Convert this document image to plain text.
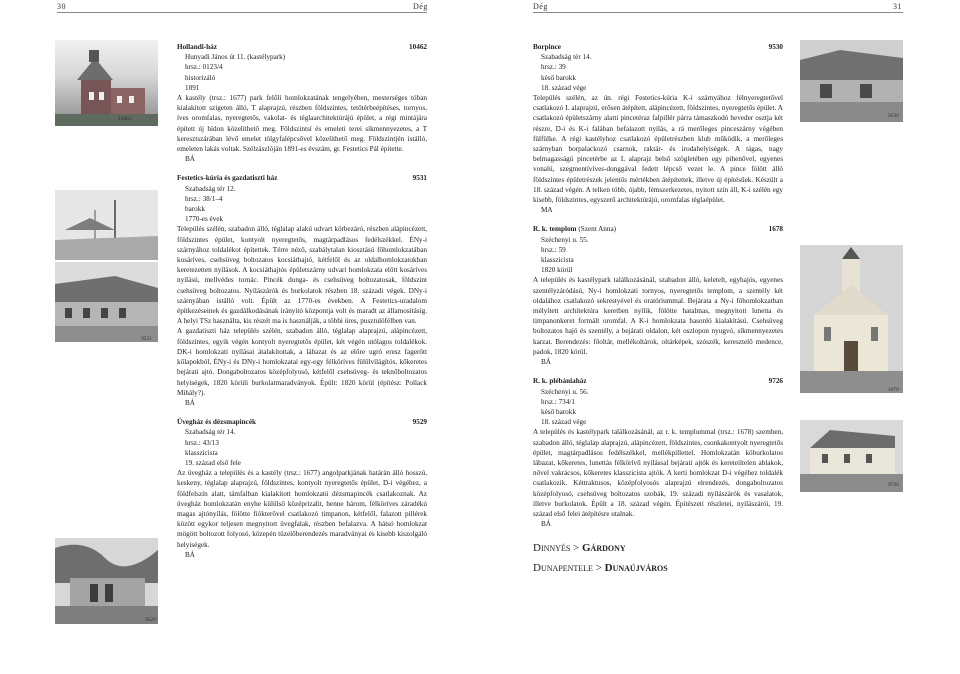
30	Dég	Dég	31
10462
9531
9529
Hollandi-ház	10462
Hunyadi János út 11. (kastélypark)
hrsz.: 0123/4
historizáló
1891

A kastély (trsz.: 1677) park felőli homlokzatának tengelyében, mesterséges tóban kialakított szigeten álló, T alaprajzú, részben földszintes, tetőtérbeépítéses, tornyos, íves oromfalas, nyeregtetős, vakolat- és téglaarchitektúrájú épület, a régi mintájára épített új hídon közelíthető meg. Földszintsí és emeleti terei síkmennyezetes, a T keresztszárában lévő emelet tölgyfalépcsővel közelíthető meg. Földszintjén istálló, emeleten lakás voltak. Szélzászlóján 1891-es évszám, gr. Festetics Pál építette.

BÁ
Festetics-kúria és gazdatiszti ház	9531
Szabadság tér 12.
hrsz.: 38/1–4
barokk
1770-es évek

Település szélén, szabadon álló, téglalap alakú udvart körbezáró, részben alápincézett, földszintes épület, kontyolt nyeregtetős, magtárpadlásos fedélszékkel. ÉNy-i szárnyához toldalékot építettek. Térre néző, szabálytalan kiosztású főhomlokzatában kosáríves, csehsüveg boltozatos kocsiáthajtó, kétfelől és az oldalhomlokzatokban keretezetten nyílások. A kocsiáthajtós épületszárny udvari homlokzata előtt kosáríves nyílású, mellvédes tornác. Pincék donga- és csehsüveg boltozatosak, földszint csehsüveg boltozatos. Nyílászárók és burkolatok részben 18. századi végek. DNy-i szárnyában istálló volt. Épült az 1770-es években. A Festetics-uradalom építkezéseinek és gazdálkodásának irányító központja volt és maradt az államosításig. A helyi TSz használta, kis részét ma is használják, a többi üres, pusztulófélben van.

A gazdatiszti ház település szélén, szabadon álló, téglalap alaprajzú, alápincézett, földszintes, egyik végén kontyolt nyeregtetős épület, két végén utólagos toldalékok. DK-i homlokzati nyílásai átalakítottak, a lábazat és az előre ugró eresz fagerőtt kőlapokból, ÉNy-i és DNy-i homlokzatai egy-egy félköríves fülülvilágítós, kőkeretes bejárati ajtó. Dongaboltozatos középfolyosó, kétfelől csehsüveg- és teknőboltozatos helyiségek, 1820 körüli burkolatmaradványok. Épült: 1820 körül (építész: Pollack Mihály?).

BÁ
Üvegház és dézsmapincék	9529
Szabadság tér 14.
hrsz.: 43/13
klasszicista
19. század első fele

Az üvegház a település és a kastély (trsz.: 1677) angolparkjának határán álló hosszú, keskeny, téglalap alaprajzú, földszintes, kontyolt nyeregtetős épület, D-i végéhez, a földfelszín alatt, támfalban kialakított homlokzatú dézsmapincék csatlakoznak. Az üvegház homlokzatán enyhe külülső középrizalit, benne három, félköríves záradékú magas ajtónyílás, fölötte fiókterővel csatlakozó timpanon, kétfelől, falazott pillérek között egykor teljesen megnyitott üvegfalak, részben befalazva. A hátsó homlokzat mögött boltozott folyosó, közepén tüzelőberendezés maradványai és kisebb kiszolgáló helyiségek.

BÁ
Borpince	9530
Szabadság tér 14.
hrsz.: 39
késő barokk
18. század vége

Település szélén, az ún. régi Festetics-kúria K-i szárnyához félnyeregtetővel csatlakozó L alaprajzú, erősen átépített, alápincézett, földszintes, nyeregtetős épület. A csatlakozó épületszárny alatti pincetéraz falpillér párra támaszkodó heveder osztja két részre, D-i és K-i falában befalazott nyílás, a rá merőleges pinceszárny végében fülfülke. A régi kastélyhoz csatlakozó épületrészben klub működik, a merőleges szárnyban borpalackozó csarnok, raktár- és irodahelyiségek. A tágas, nagy belmagasságú pincetérbe az L alaprajz belső szögletében egy pihenővel, egyenes vonalú, szegmentívíves-donggával fedett lépcső vezet le. A pince fölött álló földszintes épületrészek jelentős mértékben átépítettek, illetve új építésűek. Készült a 18. század végén. A telken több, újabb, fémszerkezetes, nyitott szín áll, K-i szélén egy kisebb, földszintes, egyszerű architektúrájú, oromfalas téglaépület.

MA
R. k. templom (Szent Anna)	1678
Széchenyi u. 55.
hrsz.: 59
klasszicista
1820 körül

A település és kastélypark találkozásánál, szabadon álló, keletelt, egyhajós, egyenes szentélyzáródású, Ny-i homlokzati tornyos, nyeregtetős templom, a szentély két oldalához csatlakozó sekrestyével és oratóriummal. Bejárata a Ny-i főhomlokzatban mélyített architektúra keretben nyílik, fölötte hatalmas, megnyitott lunetta és timpanonkeret formált oromfal. A K-i homlokzata hasonló kialakítású. Csehsüveg boltozatos hajó és szentély, a bejárati oldalon, két oszlopon nyugvó, síkmennyezetes karzat. Berendezés: főoltár, mellékoltárok, oltárképek, szószék, keresztelő medence, padok, 1820 körül.

BÁ
R. k. plébániaház	9726
Széchenyi u. 56.
hrsz.: 734/1
késő barokk
18. század vége

A település és kastélypark találkozásánál, az r. k. templommal (trsz.: 1678) szemben, szabadon álló, téglalap alaprajzú, alápincézett, földszintes, csonkakontyolt nyeregtetős épület, magtárpadlásos fedélszékkel, mellékpillettel. Homlokzatán köburkolatos lábazat, kőkeretes, lunettás félkörívű nyílással bejárati ajtók és kereteiltelen ablakok, nővel vakrácsos, kőkeretes klasszicista ajtók. A kerti homlokzat D-i végéhez toldalék csatlakozik. Kéttraktusos, középfolyosós alaprajzú elrendezés, dongaboltozatos középfolyosó, csehsüveg boltozatos szobák, 19. századi nyílászárók és vasalatok, illetve burkolatok. Épült a 18. század végén. Építészeti részletei, nyílászárói, 19. század első felei átépítésre utalnak.

BÁ
Dinnyés > Gárdony
Dunapentele > Dunaújváros
9530
1678
9726
